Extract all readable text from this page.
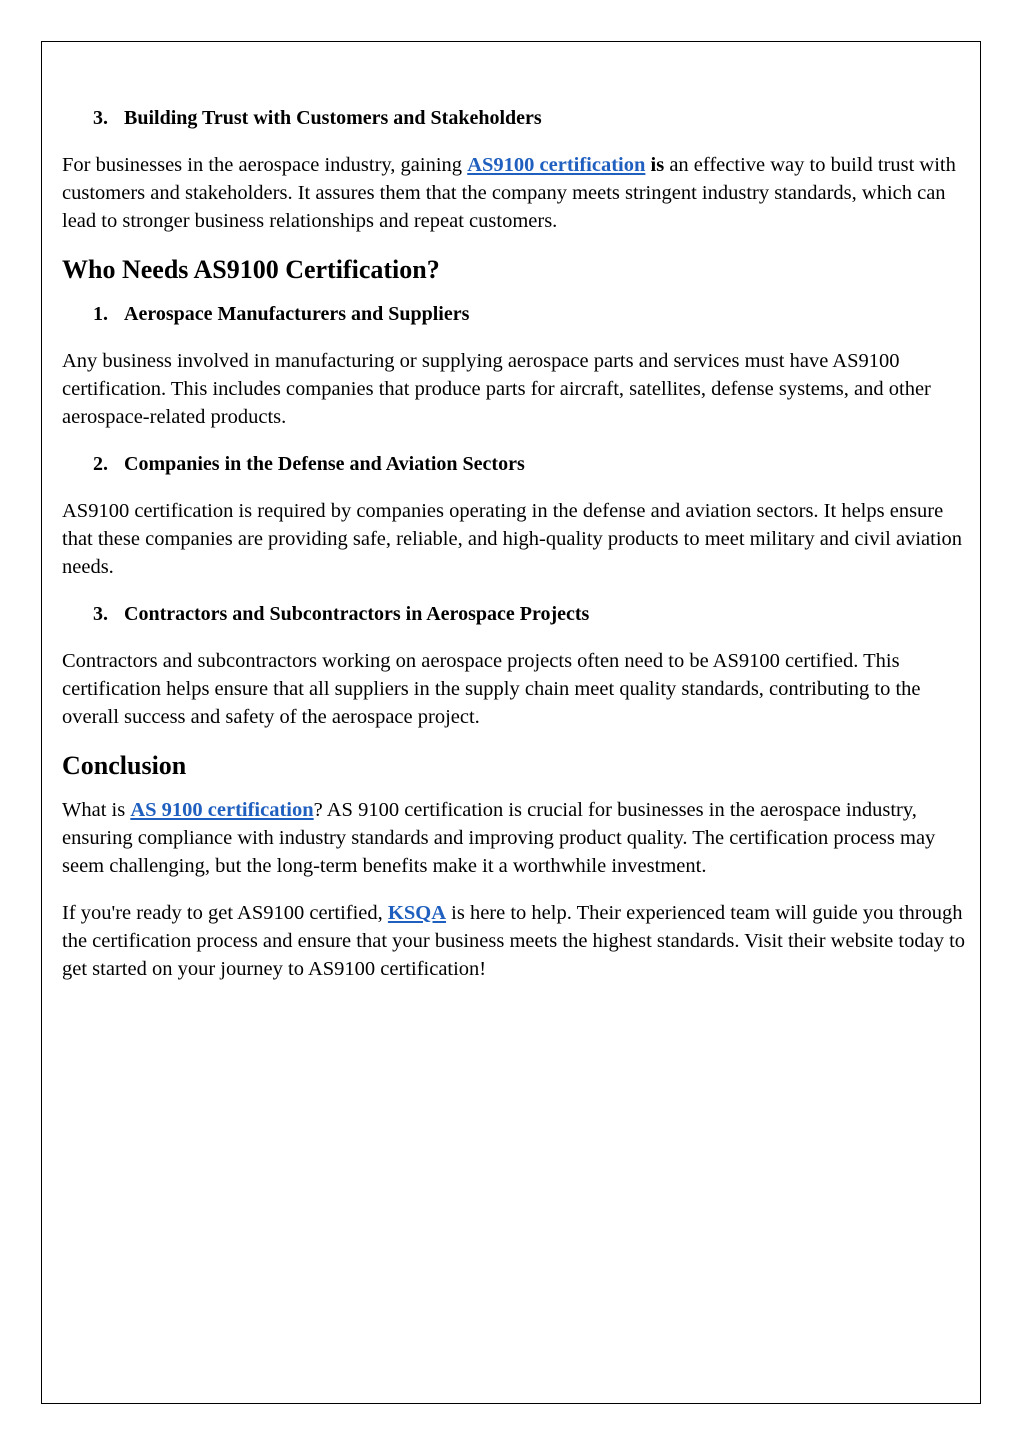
3. Building Trust with Customers and Stakeholders

For businesses in the aerospace industry, gaining AS9100 certification is an effective way to build trust with customers and stakeholders. It assures them that the company meets stringent industry standards, which can lead to stronger business relationships and repeat customers.

Who Needs AS9100 Certification?
1. Aerospace Manufacturers and Suppliers

Any business involved in manufacturing or supplying aerospace parts and services must have AS9100 certification. This includes companies that produce parts for aircraft, satellites, defense systems, and other aerospace-related products.

2. Companies in the Defense and Aviation Sectors

AS9100 certification is required by companies operating in the defense and aviation sectors. It helps ensure that these companies are providing safe, reliable, and high-quality products to meet military and civil aviation needs.

3. Contractors and Subcontractors in Aerospace Projects

Contractors and subcontractors working on aerospace projects often need to be AS9100 certified. This certification helps ensure that all suppliers in the supply chain meet quality standards, contributing to the overall success and safety of the aerospace project.

Conclusion

What is AS 9100 certification? AS 9100 certification is crucial for businesses in the aerospace industry, ensuring compliance with industry standards and improving product quality. The certification process may seem challenging, but the long-term benefits make it a worthwhile investment.

If you're ready to get AS9100 certified, KSQA is here to help. Their experienced team will guide you through the certification process and ensure that your business meets the highest standards. Visit their website today to get started on your journey to AS9100 certification!
